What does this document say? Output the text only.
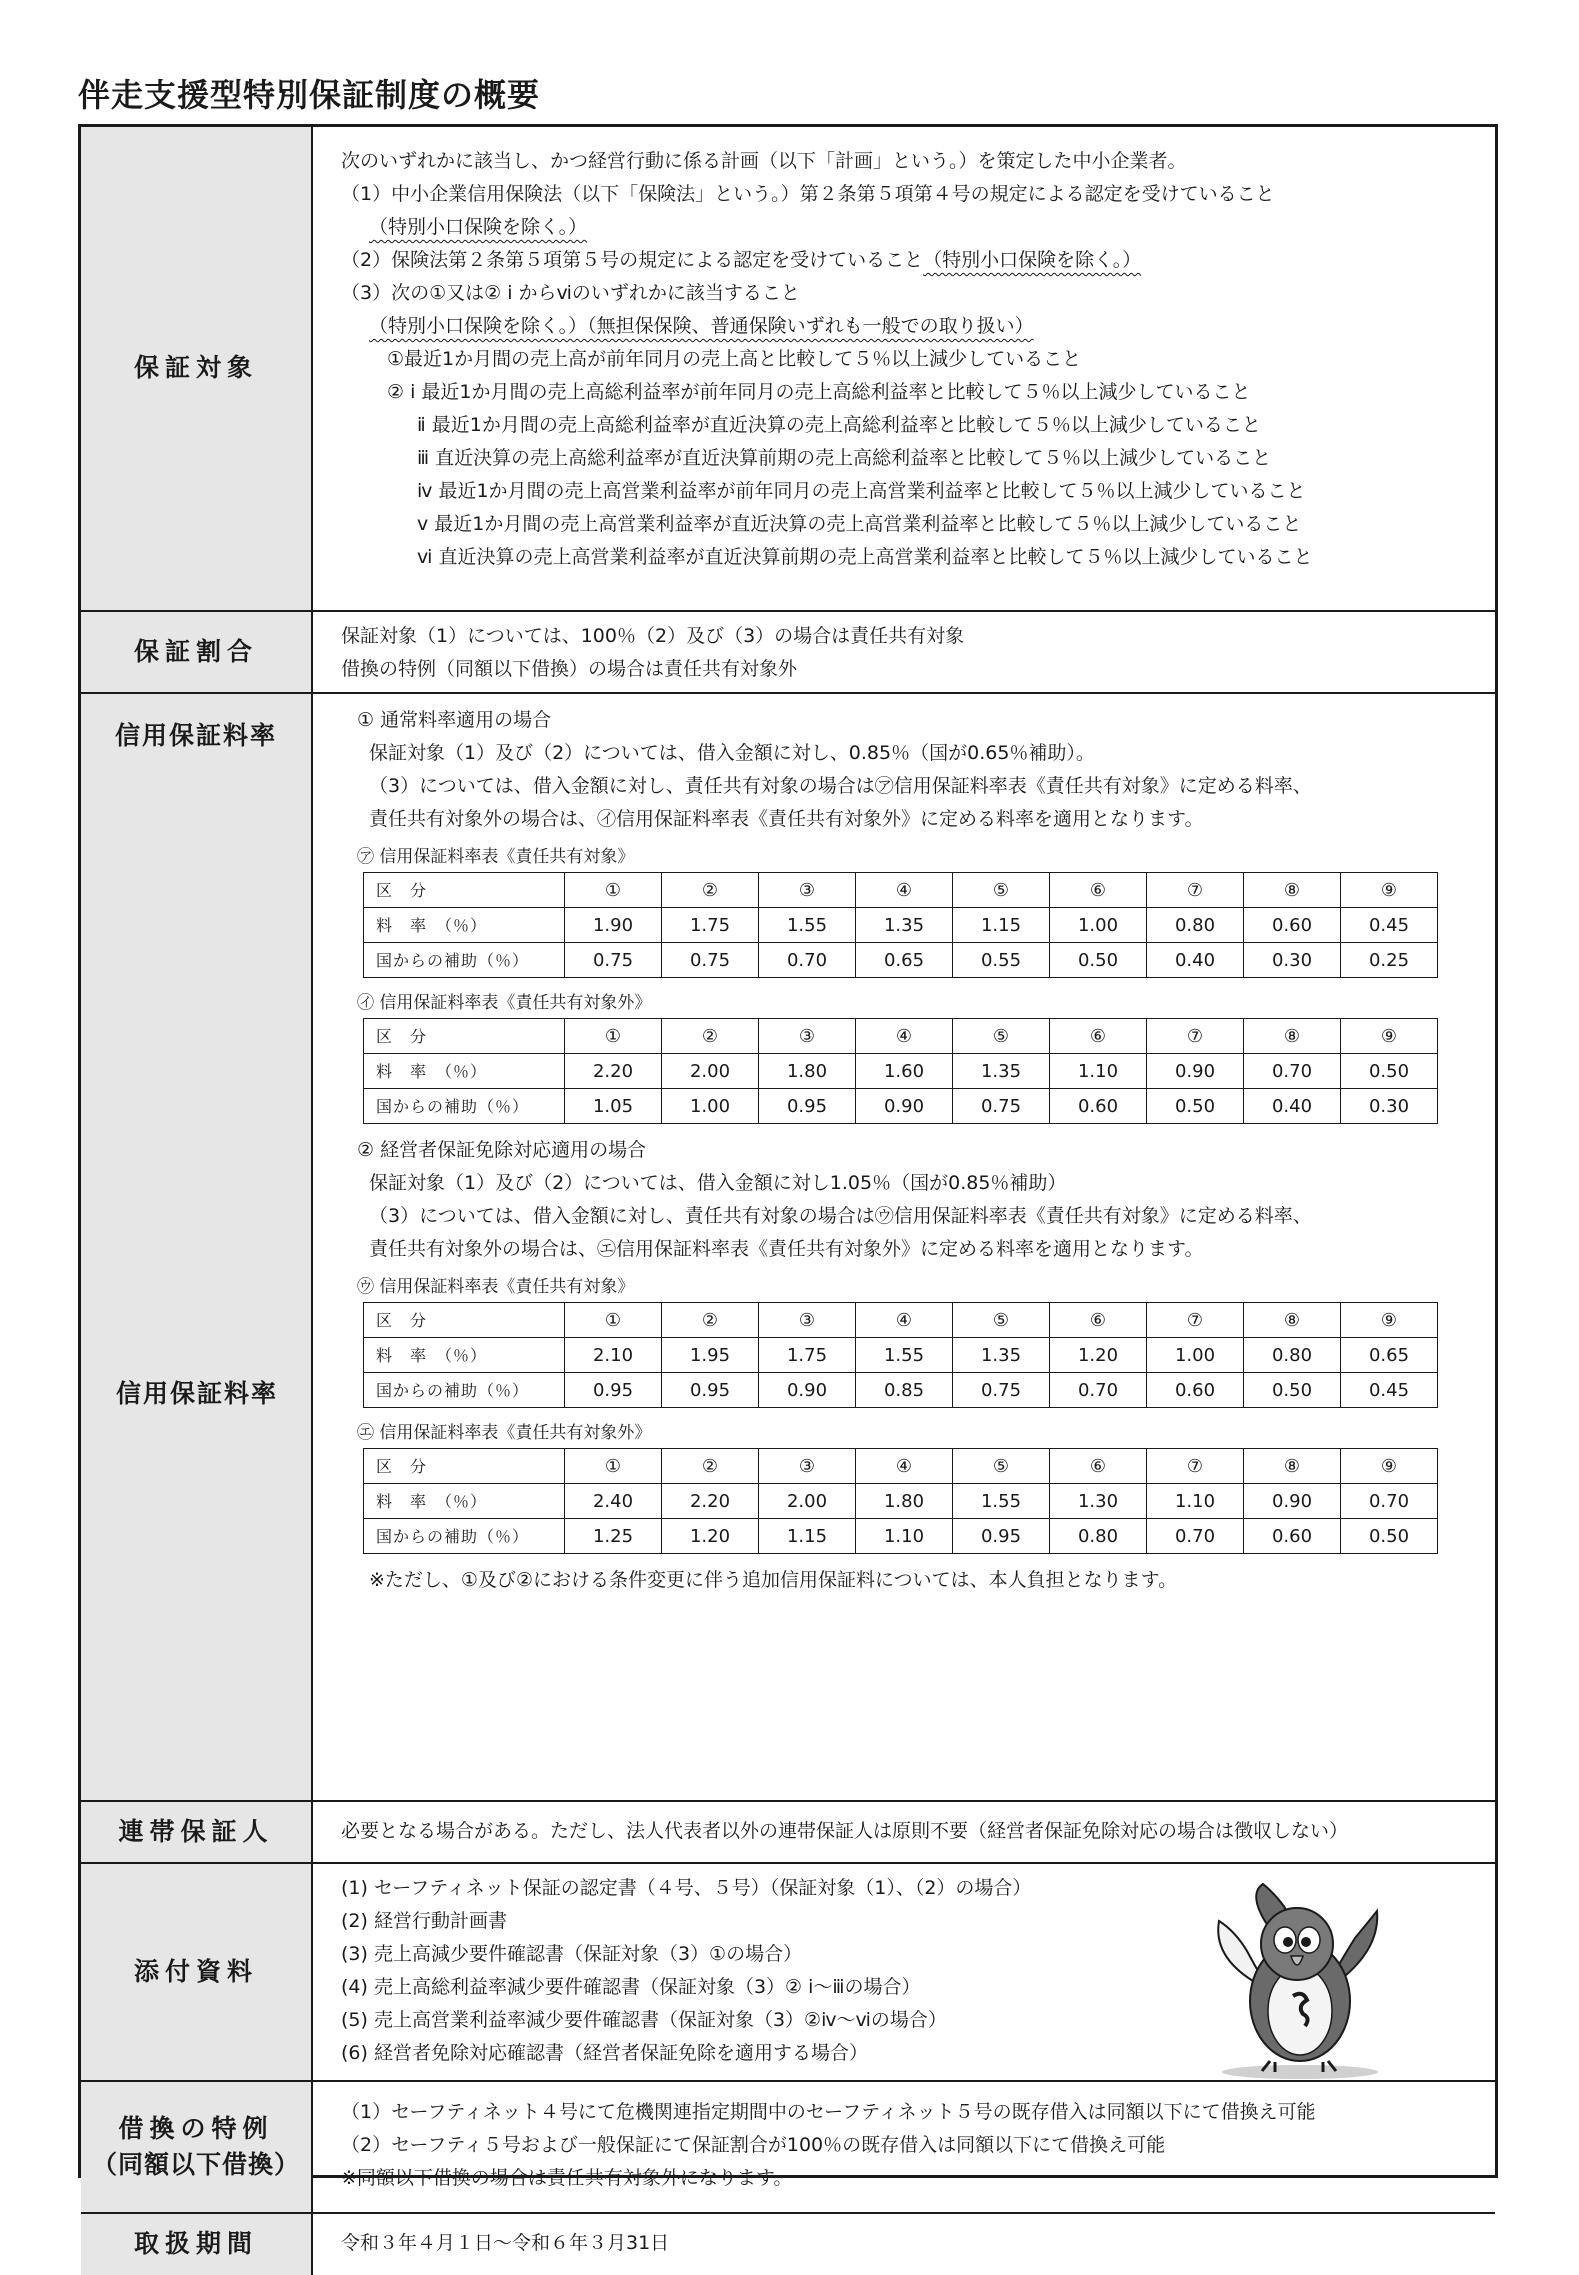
伴走支援型特別保証制度の概要
保証対象
次のいずれかに該当し、かつ経営行動に係る計画（以下「計画」という。）を策定した中小企業者。
（1）中小企業信用保険法（以下「保険法」という。）第２条第５項第４号の規定による認定を受けていること
（特別小口保険を除く。）
（2）保険法第２条第５項第５号の規定による認定を受けていること（特別小口保険を除く。）
（3）次の①又は② ⅰ からⅵのいずれかに該当すること
（特別小口保険を除く。）（無担保保険、普通保険いずれも一般での取り扱い）
①最近1か月間の売上高が前年同月の売上高と比較して５％以上減少していること
② ⅰ 最近1か月間の売上高総利益率が前年同月の売上高総利益率と比較して５％以上減少していること
ⅱ 最近1か月間の売上高総利益率が直近決算の売上高総利益率と比較して５％以上減少していること
ⅲ 直近決算の売上高総利益率が直近決算前期の売上高総利益率と比較して５％以上減少していること
ⅳ 最近1か月間の売上高営業利益率が前年同月の売上高営業利益率と比較して５％以上減少していること
ⅴ 最近1か月間の売上高営業利益率が直近決算の売上高営業利益率と比較して５％以上減少していること
ⅵ 直近決算の売上高営業利益率が直近決算前期の売上高営業利益率と比較して５％以上減少していること
保証割合
保証対象（1）については、100％（2）及び（3）の場合は責任共有対象
借換の特例（同額以下借換）の場合は責任共有対象外
信用保証料率
信用保証料率
① 通常料率適用の場合
保証対象（1）及び（2）については、借入金額に対し、0.85％（国が0.65％補助）。
（3）については、借入金額に対し、責任共有対象の場合は㋐信用保証料率表《責任共有対象》に定める料率、
責任共有対象外の場合は、㋑信用保証料率表《責任共有対象外》に定める料率を適用となります。
㋐ 信用保証料率表《責任共有対象》
区　分	①	②	③	④	⑤	⑥	⑦	⑧	⑨
料　率　（％）	1.90	1.75	1.55	1.35	1.15	1.00	0.80	0.60	0.45
国からの補助（％）	0.75	0.75	0.70	0.65	0.55	0.50	0.40	0.30	0.25
㋑ 信用保証料率表《責任共有対象外》
区　分	①	②	③	④	⑤	⑥	⑦	⑧	⑨
料　率　（％）	2.20	2.00	1.80	1.60	1.35	1.10	0.90	0.70	0.50
国からの補助（％）	1.05	1.00	0.95	0.90	0.75	0.60	0.50	0.40	0.30
② 経営者保証免除対応適用の場合
保証対象（1）及び（2）については、借入金額に対し1.05％（国が0.85％補助）
（3）については、借入金額に対し、責任共有対象の場合は㋒信用保証料率表《責任共有対象》に定める料率、
責任共有対象外の場合は、㋓信用保証料率表《責任共有対象外》に定める料率を適用となります。
㋒ 信用保証料率表《責任共有対象》
区　分	①	②	③	④	⑤	⑥	⑦	⑧	⑨
料　率　（％）	2.10	1.95	1.75	1.55	1.35	1.20	1.00	0.80	0.65
国からの補助（％）	0.95	0.95	0.90	0.85	0.75	0.70	0.60	0.50	0.45
㋓ 信用保証料率表《責任共有対象外》
区　分	①	②	③	④	⑤	⑥	⑦	⑧	⑨
料　率　（％）	2.40	2.20	2.00	1.80	1.55	1.30	1.10	0.90	0.70
国からの補助（％）	1.25	1.20	1.15	1.10	0.95	0.80	0.70	0.60	0.50
※ただし、①及び②における条件変更に伴う追加信用保証料については、本人負担となります。
連帯保証人	必要となる場合がある。ただし、法人代表者以外の連帯保証人は原則不要（経営者保証免除対応の場合は徴収しない）
添付資料
(1) セーフティネット保証の認定書（４号、５号）（保証対象（1）、（2）の場合）
(2) 経営行動計画書
(3) 売上高減少要件確認書（保証対象（3）①の場合）
(4) 売上高総利益率減少要件確認書（保証対象（3）② ⅰ～ⅲの場合）
(5) 売上高営業利益率減少要件確認書（保証対象（3）②ⅳ～ⅵの場合）
(6) 経営者免除対応確認書（経営者保証免除を適用する場合）
借換の特例
（同額以下借換）
（1）セーフティネット４号にて危機関連指定期間中のセーフティネット５号の既存借入は同額以下にて借換え可能
（2）セーフティ５号および一般保証にて保証割合が100％の既存借入は同額以下にて借換え可能
※同額以下借換の場合は責任共有対象外になります。
取扱期間	令和３年４月１日～令和６年３月31日
